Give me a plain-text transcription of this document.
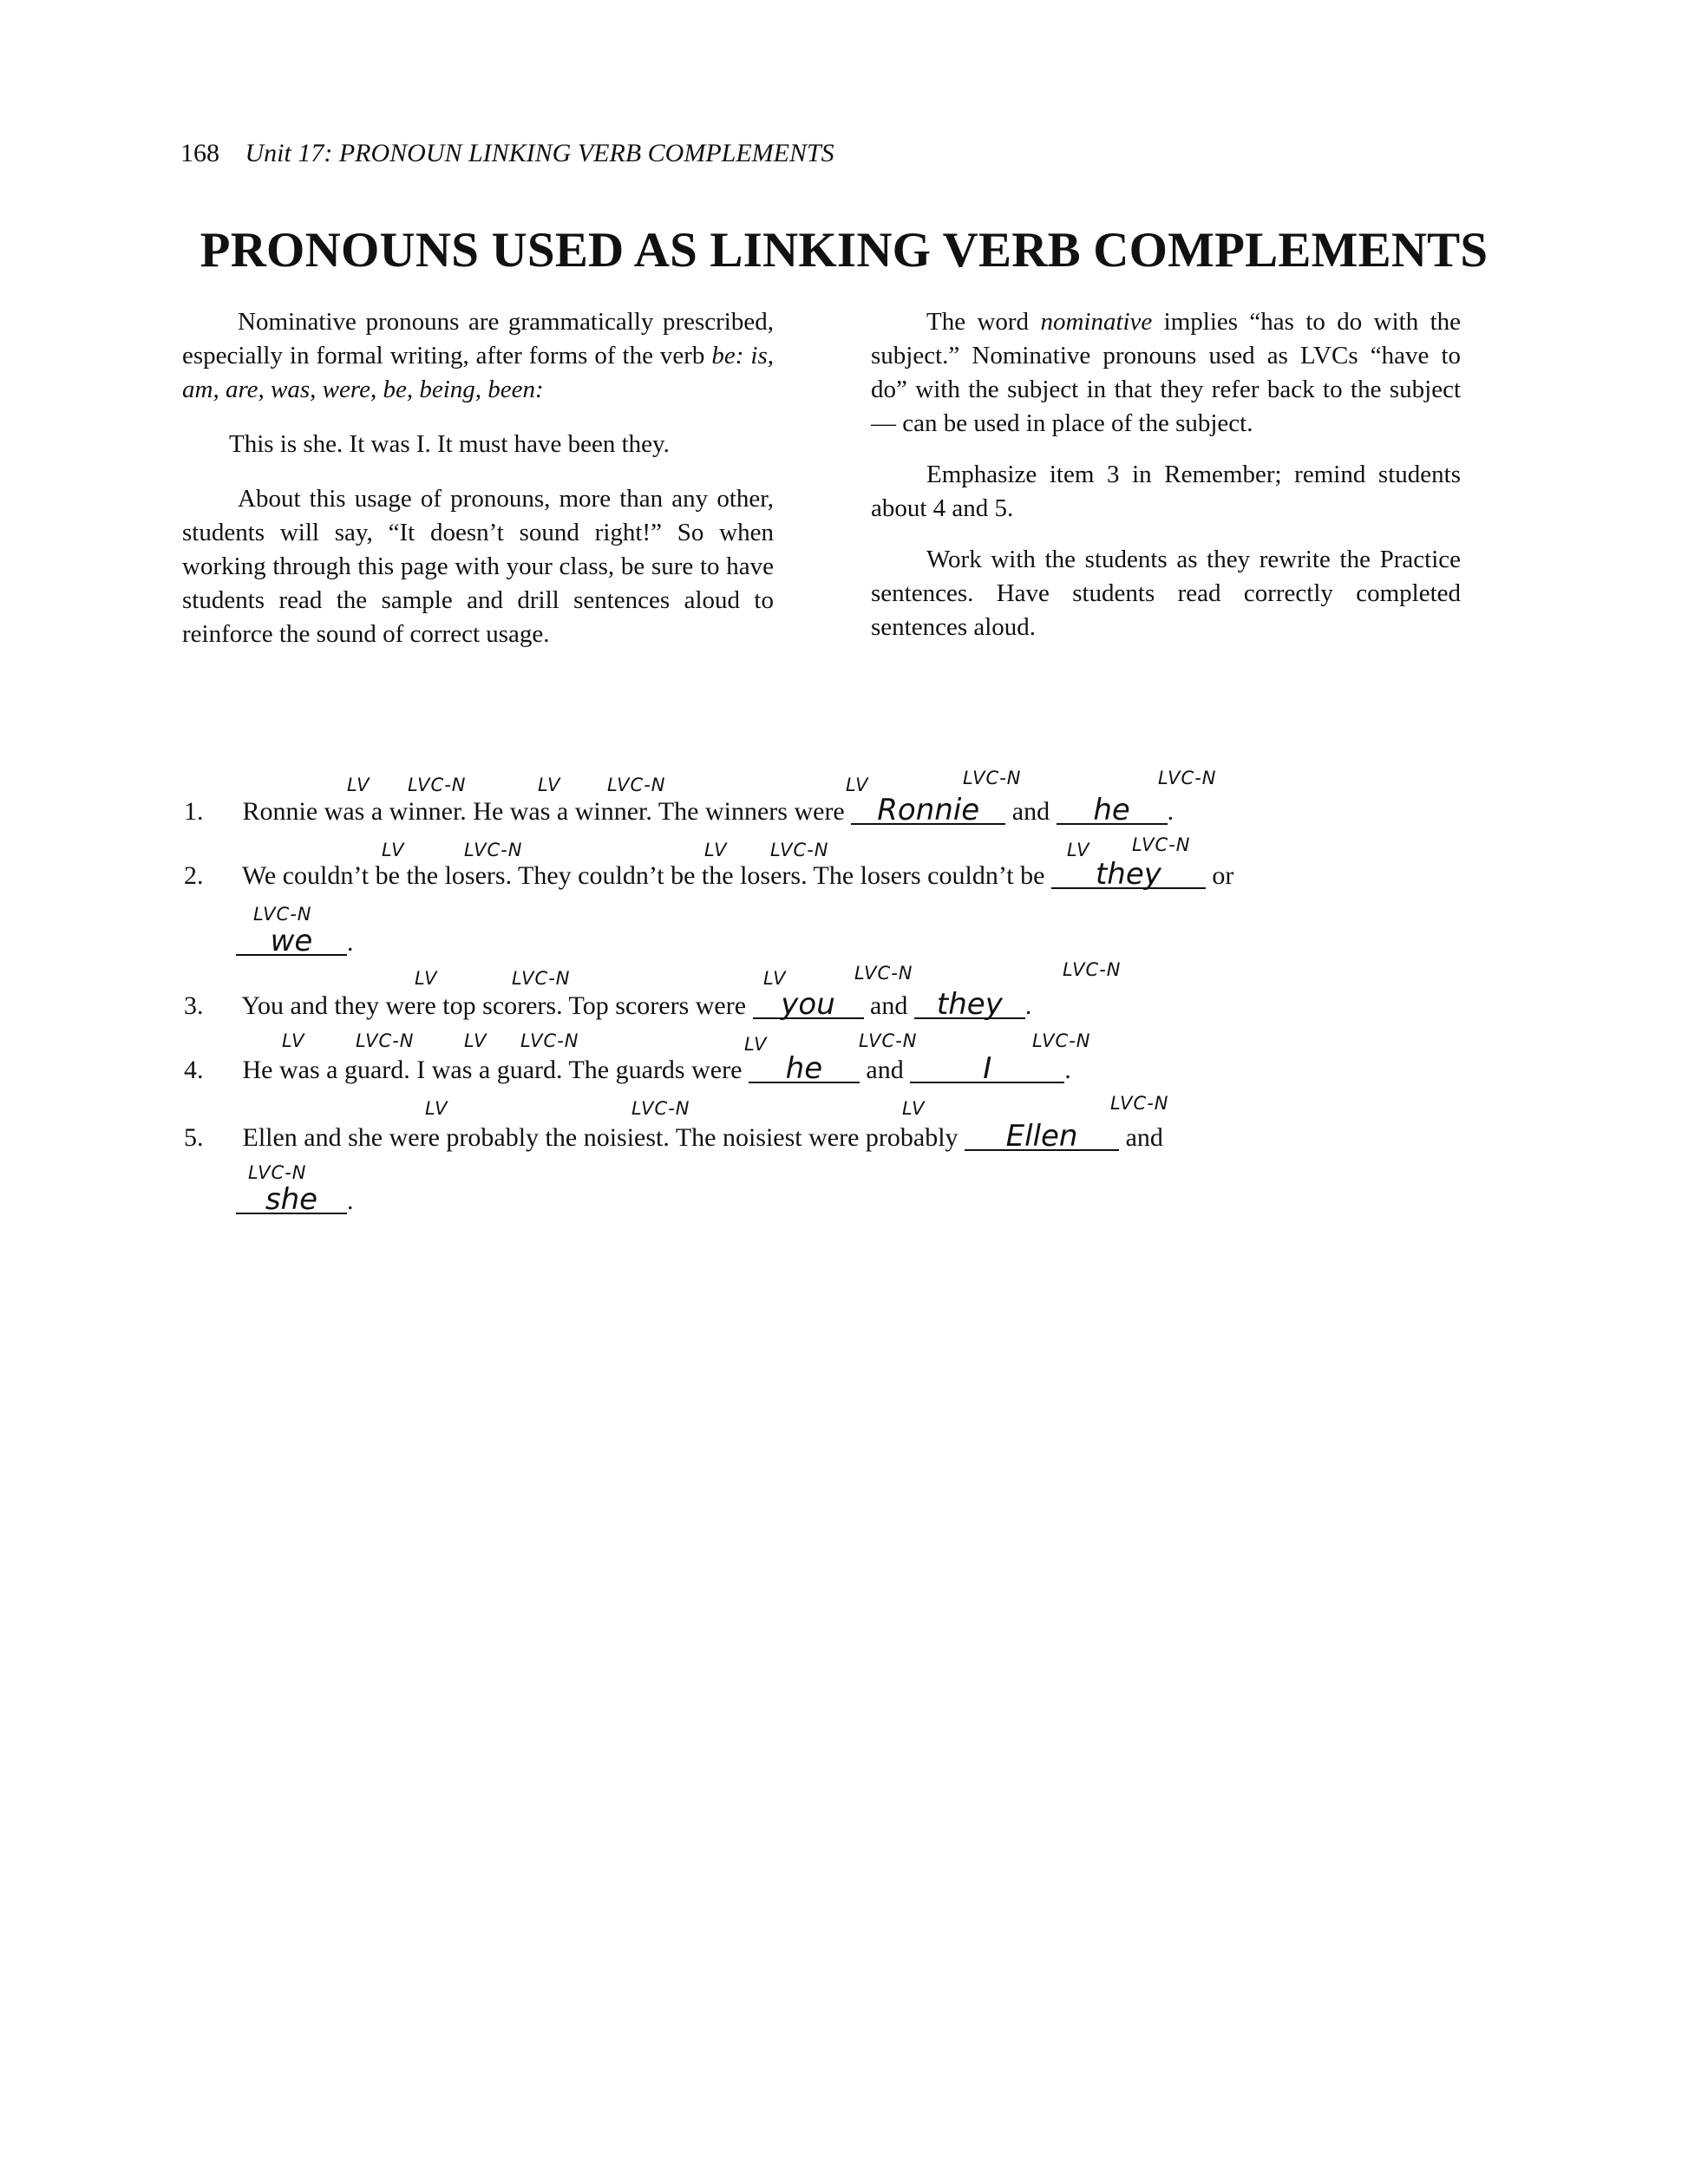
168 Unit 17: PRONOUN LINKING VERB COMPLEMENTS
PRONOUNS USED AS LINKING VERB COMPLEMENTS

Nominative pronouns are grammatically prescribed, especially in formal writing, after forms of the verb be: is, am, are, was, were, be, being, been:

This is she. It was I. It must have been they.

About this usage of pronouns, more than any other, students will say, “It doesn’t sound right!” So when working through this page with your class, be sure to have students read the sample and drill sentences aloud to reinforce the sound of correct usage.

The word nominative implies “has to do with the subject.” Nominative pronouns used as LVCs “have to do” with the subject in that they refer back to the subject — can be used in place of the subject.

Emphasize item 3 in Remember; remind students about 4 and 5.

Work with the students as they rewrite the Practice sentences. Have students read correctly completed sentences aloud.

LV LVC-N	LV	LVC-N	LV	LVC-N	LVC-N
1. Ronnie was a winner. He was a winner. The winners were Ronnie and he .
LV	LVC-N	LV LVC-N	LV LVC-N
2. We couldn’t be the losers. They couldn’t be the losers. The losers couldn’t be they or
LVC-N
we .
LV	LVC-N	LV	LVC-N	LVC-N
3. You and they were top scorers. Top scorers were you and they .
LV	LVC-N	LV LVC-N	LV	LVC-N	LVC-N
4. He was a guard. I was a guard. The guards were he and	I	.
LV	LVC-N	LV	LVC-N
5. Ellen and she were probably the noisiest. The noisiest were probably Ellen and
LVC-N
she .
